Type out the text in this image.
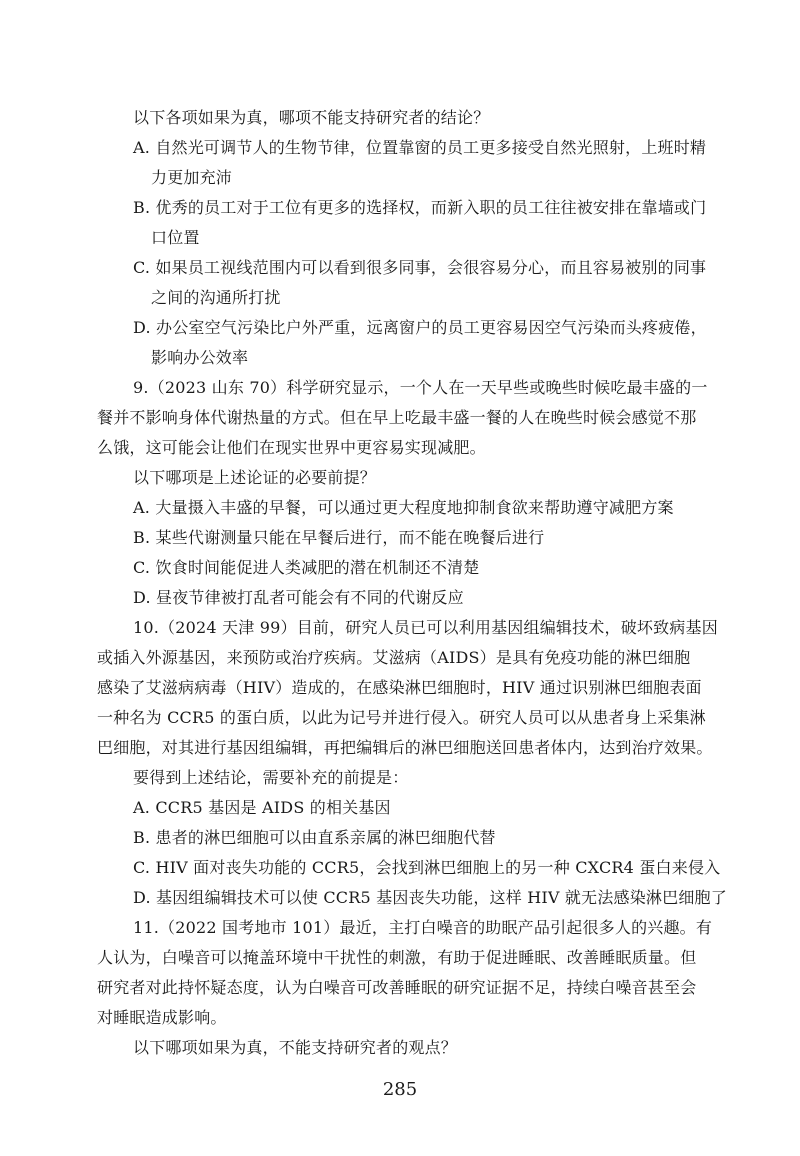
以下各项如果为真，哪项不能支持研究者的结论？
A. 自然光可调节人的生物节律，位置靠窗的员工更多接受自然光照射，上班时精
力更加充沛
B. 优秀的员工对于工位有更多的选择权，而新入职的员工往往被安排在靠墙或门
口位置
C. 如果员工视线范围内可以看到很多同事，会很容易分心，而且容易被别的同事
之间的沟通所打扰
D. 办公室空气污染比户外严重，远离窗户的员工更容易因空气污染而头疼疲倦，
影响办公效率
9.（2023 山东 70）科学研究显示，一个人在一天早些或晚些时候吃最丰盛的一
餐并不影响身体代谢热量的方式。但在早上吃最丰盛一餐的人在晚些时候会感觉不那
么饿，这可能会让他们在现实世界中更容易实现减肥。
以下哪项是上述论证的必要前提？
A. 大量摄入丰盛的早餐，可以通过更大程度地抑制食欲来帮助遵守减肥方案
B. 某些代谢测量只能在早餐后进行，而不能在晚餐后进行
C. 饮食时间能促进人类减肥的潜在机制还不清楚
D. 昼夜节律被打乱者可能会有不同的代谢反应
10.（2024 天津 99）目前，研究人员已可以利用基因组编辑技术，破坏致病基因
或插入外源基因，来预防或治疗疾病。艾滋病（AIDS）是具有免疫功能的淋巴细胞
感染了艾滋病病毒（HIV）造成的，在感染淋巴细胞时，HIV 通过识别淋巴细胞表面
一种名为 CCR5 的蛋白质，以此为记号并进行侵入。研究人员可以从患者身上采集淋
巴细胞，对其进行基因组编辑，再把编辑后的淋巴细胞送回患者体内，达到治疗效果。
要得到上述结论，需要补充的前提是：
A. CCR5 基因是 AIDS 的相关基因
B. 患者的淋巴细胞可以由直系亲属的淋巴细胞代替
C. HIV 面对丧失功能的 CCR5，会找到淋巴细胞上的另一种 CXCR4 蛋白来侵入
D. 基因组编辑技术可以使 CCR5 基因丧失功能，这样 HIV 就无法感染淋巴细胞了
11.（2022 国考地市 101）最近，主打白噪音的助眠产品引起很多人的兴趣。有
人认为，白噪音可以掩盖环境中干扰性的刺激，有助于促进睡眠、改善睡眠质量。但
研究者对此持怀疑态度，认为白噪音可改善睡眠的研究证据不足，持续白噪音甚至会
对睡眠造成影响。
以下哪项如果为真，不能支持研究者的观点？
285
